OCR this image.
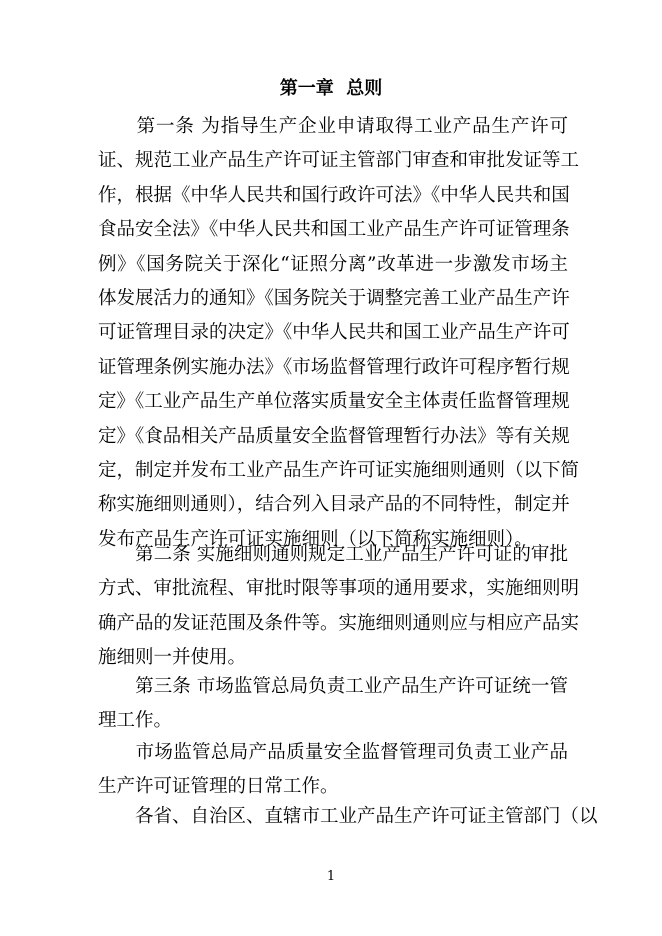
第一章  总则
　　第一条 为指导生产企业申请取得工业产品生产许可
证、规范工业产品生产许可证主管部门审查和审批发证等工
作，根据《中华人民共和国行政许可法》《中华人民共和国
食品安全法》《中华人民共和国工业产品生产许可证管理条
例》《国务院关于深化“证照分离”改革进一步激发市场主
体发展活力的通知》《国务院关于调整完善工业产品生产许
可证管理目录的决定》《中华人民共和国工业产品生产许可
证管理条例实施办法》《市场监督管理行政许可程序暂行规
定》《工业产品生产单位落实质量安全主体责任监督管理规
定》《食品相关产品质量安全监督管理暂行办法》等有关规
定，制定并发布工业产品生产许可证实施细则通则（以下简
称实施细则通则），结合列入目录产品的不同特性，制定并
发布产品生产许可证实施细则（以下简称实施细则）。
　　第二条 实施细则通则规定工业产品生产许可证的审批
方式、审批流程、审批时限等事项的通用要求，实施细则明
确产品的发证范围及条件等。实施细则通则应与相应产品实
施细则一并使用。
　　第三条 市场监管总局负责工业产品生产许可证统一管
理工作。
　　市场监管总局产品质量安全监督管理司负责工业产品
生产许可证管理的日常工作。
　　各省、自治区、直辖市工业产品生产许可证主管部门（以
1
